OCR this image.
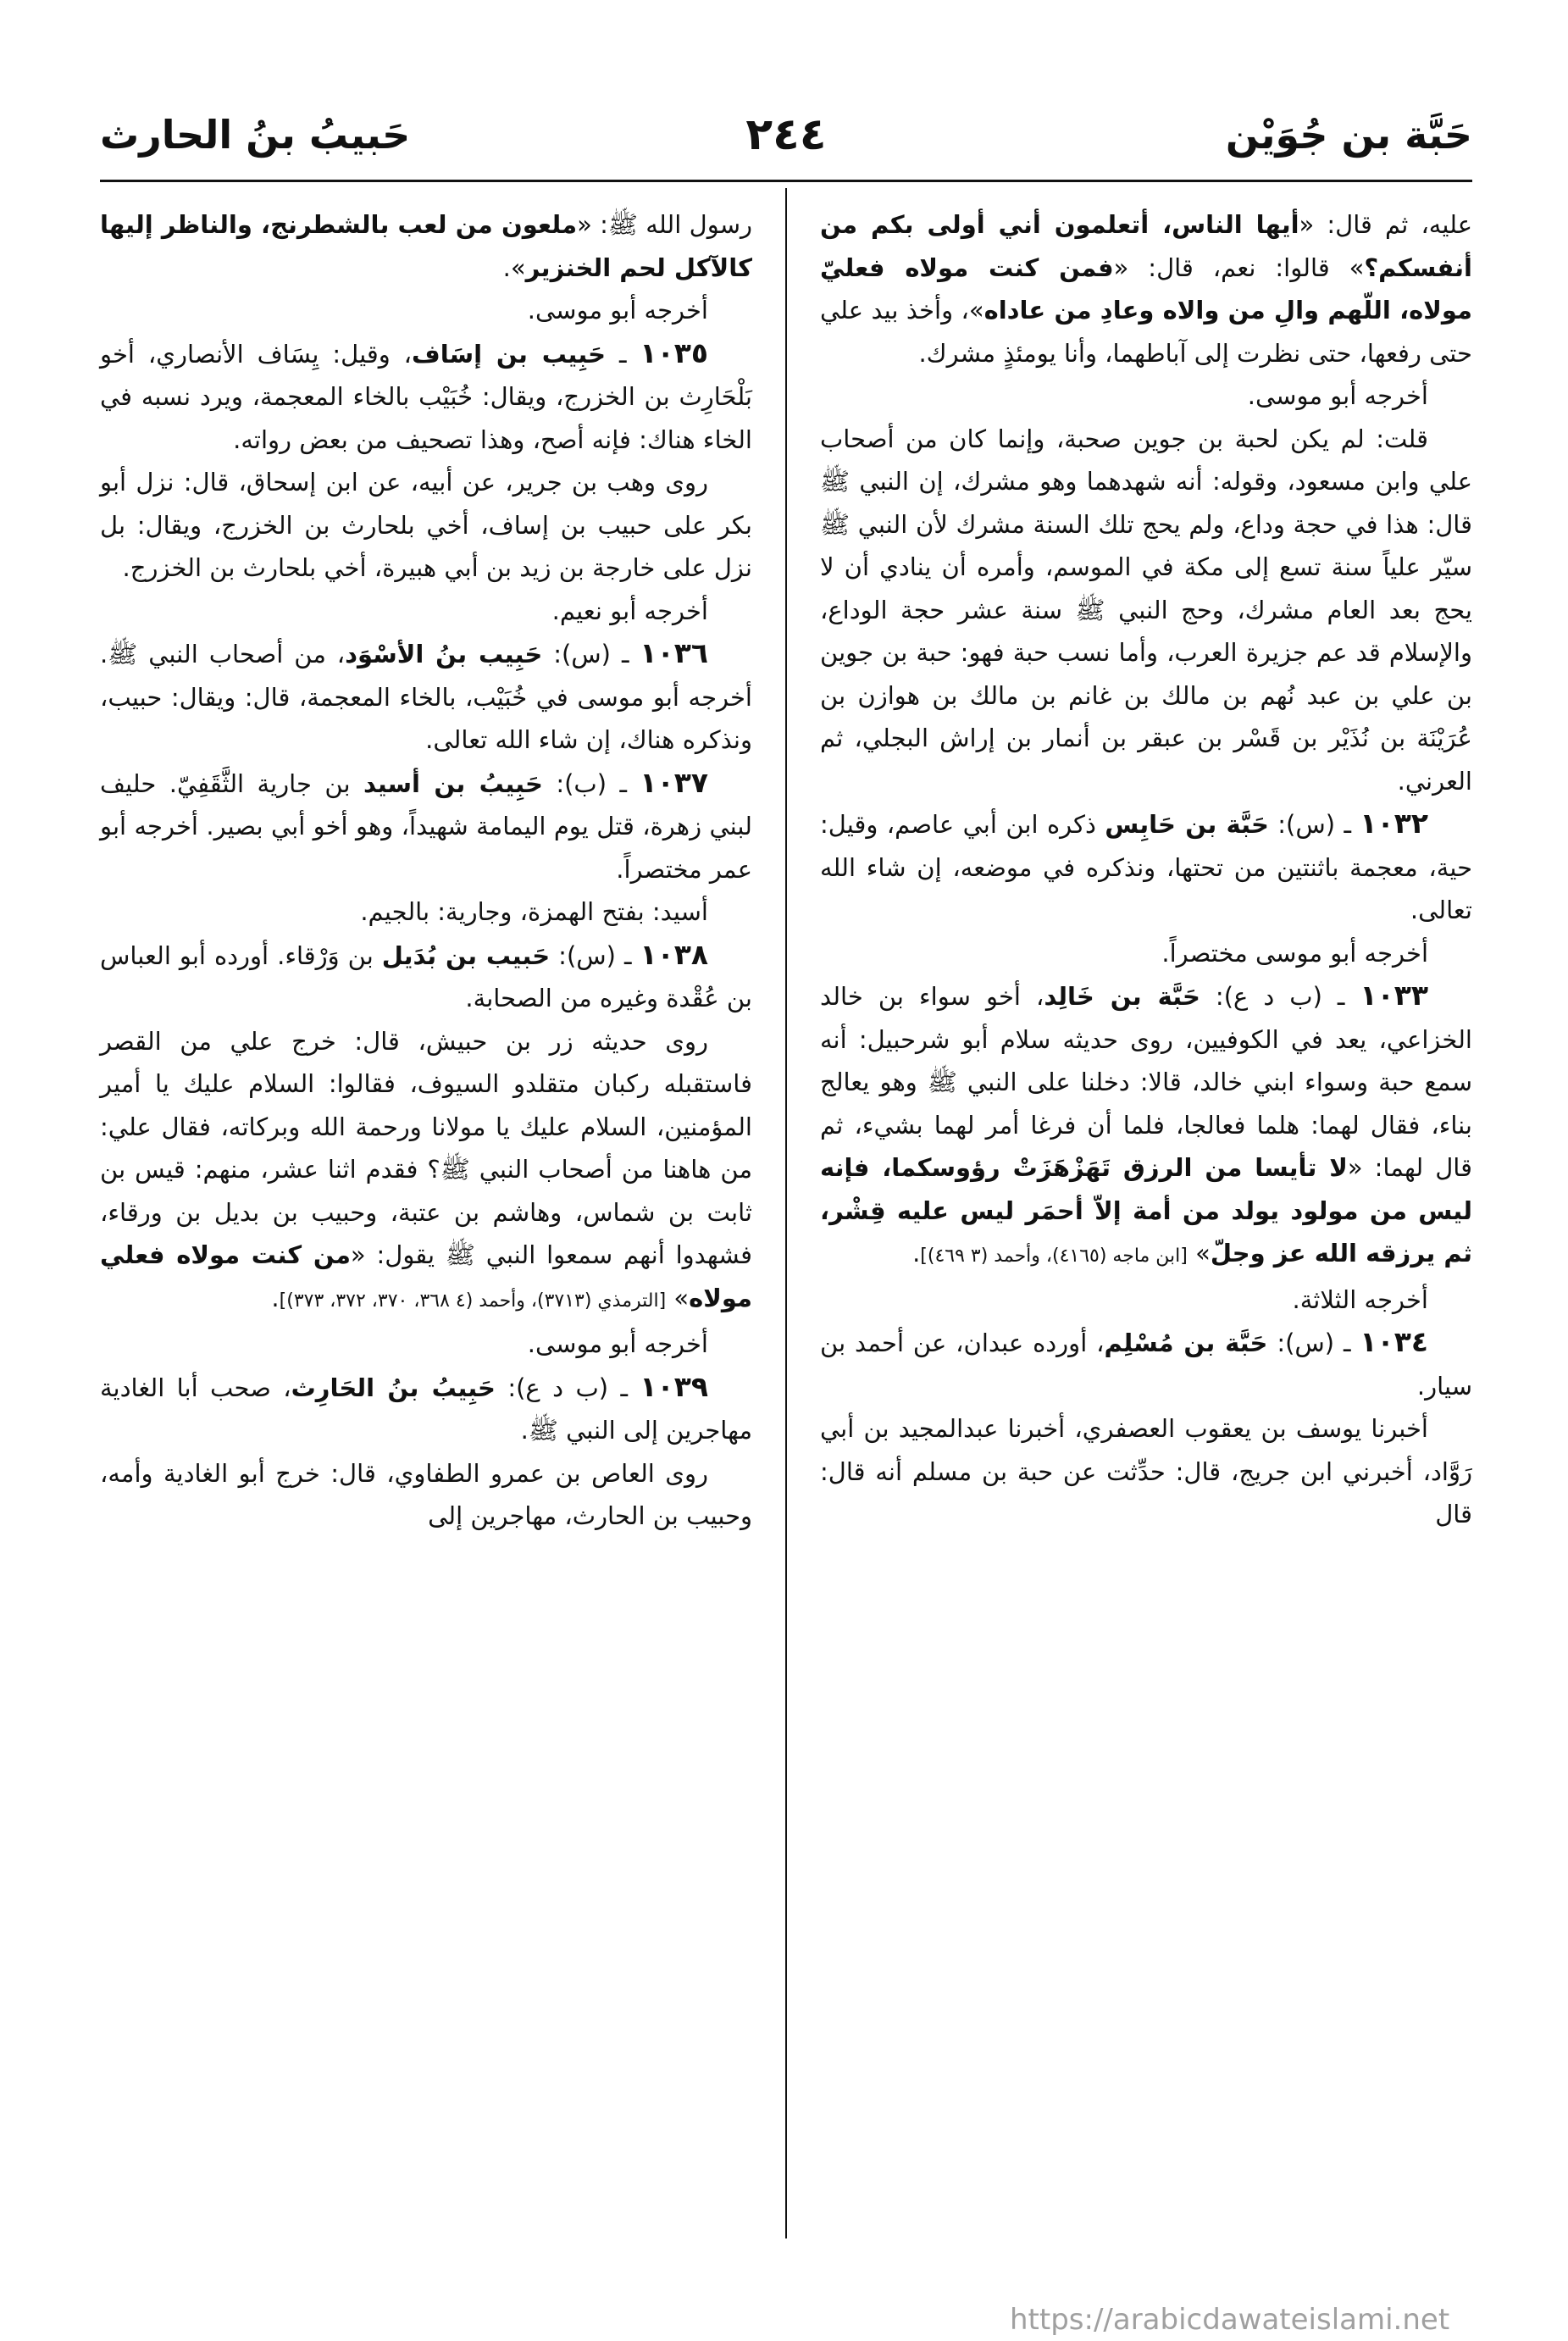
حَبَّة بن جُوَيْن
٢٤٤
حَبيبُ بنُ الحارث

عليه، ثم قال: «أيها الناس، أتعلمون أني أولى بكم من أنفسكم؟» قالوا: نعم، قال: «فمن كنت مولاه فعليّ مولاه، اللّهم والِ من والاه وعادِ من عاداه»، وأخذ بيد علي حتى رفعها، حتى نظرت إلى آباطهما، وأنا يومئذٍ مشرك.

أخرجه أبو موسى.

قلت: لم يكن لحبة بن جوين صحبة، وإنما كان من أصحاب علي وابن مسعود، وقوله: أنه شهدهما وهو مشرك، إن النبي ﷺ قال: هذا في حجة وداع، ولم يحج تلك السنة مشرك لأن النبي ﷺ سيّر علياً سنة تسع إلى مكة في الموسم، وأمره أن ينادي أن لا يحج بعد العام مشرك، وحج النبي ﷺ سنة عشر حجة الوداع، والإسلام قد عم جزيرة العرب، وأما نسب حبة فهو: حبة بن جوين بن علي بن عبد نُهم بن مالك بن غانم بن مالك بن هوازن بن عُرَيْنَة بن نُذَيْر بن قَسْر بن عبقر بن أنمار بن إراش البجلي، ثم العرني.

١٠٣٢ ـ (س): حَبَّة بن حَابِس ذكره ابن أبي عاصم، وقيل: حية، معجمة باثنتين من تحتها، ونذكره في موضعه، إن شاء الله تعالى.

أخرجه أبو موسى مختصراً.

١٠٣٣ ـ (ب د ع): حَبَّة بن خَالِد، أخو سواء بن خالد الخزاعي، يعد في الكوفيين، روى حديثه سلام أبو شرحبيل: أنه سمع حبة وسواء ابني خالد، قالا: دخلنا على النبي ﷺ وهو يعالج بناء، فقال لهما: هلما فعالجا، فلما أن فرغا أمر لهما بشيء، ثم قال لهما: «لا تأيسا من الرزق تَهَزْهَزَتْ رؤوسكما، فإنه ليس من مولود يولد من أمة إلاّ أحمَر ليس عليه قِشْر، ثم يرزقه الله عز وجلّ» [ابن ماجه (٤١٦٥)، وأحمد (٣ ٤٦٩)].

أخرجه الثلاثة.

١٠٣٤ ـ (س): حَبَّة بن مُسْلِم، أورده عبدان، عن أحمد بن سيار.

أخبرنا يوسف بن يعقوب العصفري، أخبرنا عبدالمجيد بن أبي رَوَّاد، أخبرني ابن جريج، قال: حدِّثت عن حبة بن مسلم أنه قال: قال

رسول الله ﷺ: «ملعون من لعب بالشطرنج، والناظر إليها كالآكل لحم الخنزير».

أخرجه أبو موسى.

١٠٣٥ ـ حَبِيب بن إسَاف، وقيل: يِسَاف الأنصاري، أخو بَلْحَارِث بن الخزرج، ويقال: خُبَيْب بالخاء المعجمة، ويرد نسبه في الخاء هناك: فإنه أصح، وهذا تصحيف من بعض رواته.

روى وهب بن جرير، عن أبيه، عن ابن إسحاق، قال: نزل أبو بكر على حبيب بن إساف، أخي بلحارث بن الخزرج، ويقال: بل نزل على خارجة بن زيد بن أبي هبيرة، أخي بلحارث بن الخزرج.

أخرجه أبو نعيم.

١٠٣٦ ـ (س): حَبِيب بنُ الأسْوَد، من أصحاب النبي ﷺ. أخرجه أبو موسى في خُبَيْب، بالخاء المعجمة، قال: ويقال: حبيب، ونذكره هناك، إن شاء الله تعالى.

١٠٣٧ ـ (ب): حَبِيبُ بن أسيد بن جارية الثَّقَفِيّ. حليف لبني زهرة، قتل يوم اليمامة شهيداً، وهو أخو أبي بصير. أخرجه أبو عمر مختصراً.

أسيد: بفتح الهمزة، وجارية: بالجيم.

١٠٣٨ ـ (س): حَبيب بن بُدَيل بن وَرْقاء. أورده أبو العباس بن عُقْدة وغيره من الصحابة.

روى حديثه زر بن حبيش، قال: خرج علي من القصر فاستقبله ركبان متقلدو السيوف، فقالوا: السلام عليك يا أمير المؤمنين، السلام عليك يا مولانا ورحمة الله وبركاته، فقال علي: من هاهنا من أصحاب النبي ﷺ؟ فقدم اثنا عشر، منهم: قيس بن ثابت بن شماس، وهاشم بن عتبة، وحبيب بن بديل بن ورقاء، فشهدوا أنهم سمعوا النبي ﷺ يقول: «من كنت مولاه فعلي مولاه» [الترمذي (٣٧١٣)، وأحمد (٤ ٣٦٨، ٣٧٠، ٣٧٢، ٣٧٣)].

أخرجه أبو موسى.

١٠٣٩ ـ (ب د ع): حَبِيبُ بنُ الحَارِث، صحب أبا الغادية مهاجرين إلى النبي ﷺ.

روى العاص بن عمرو الطفاوي، قال: خرج أبو الغادية وأمه، وحبيب بن الحارث، مهاجرين إلى

https://arabicdawateislami.net
